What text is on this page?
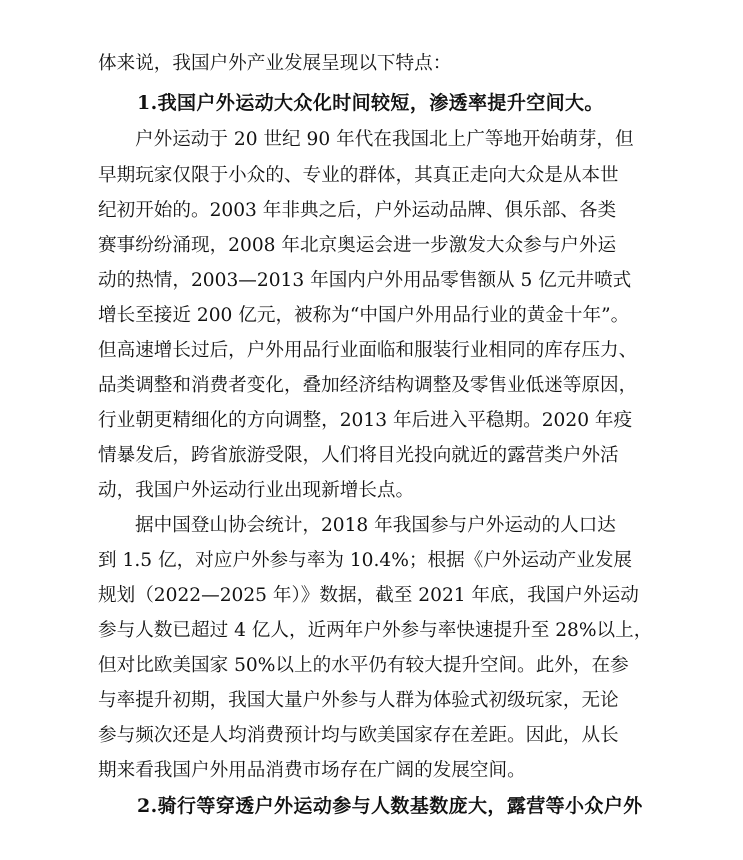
体来说，我国户外产业发展呈现以下特点：
1.我国户外运动大众化时间较短，渗透率提升空间大。
户外运动于 20 世纪 90 年代在我国北上广等地开始萌芽，但
早期玩家仅限于小众的、专业的群体，其真正走向大众是从本世
纪初开始的。2003 年非典之后，户外运动品牌、俱乐部、各类
赛事纷纷涌现，2008 年北京奥运会进一步激发大众参与户外运
动的热情，2003—2013 年国内户外用品零售额从 5 亿元井喷式
增长至接近 200 亿元，被称为“中国户外用品行业的黄金十年”。
但高速增长过后，户外用品行业面临和服装行业相同的库存压力、
品类调整和消费者变化，叠加经济结构调整及零售业低迷等原因，
行业朝更精细化的方向调整，2013 年后进入平稳期。2020 年疫
情暴发后，跨省旅游受限，人们将目光投向就近的露营类户外活
动，我国户外运动行业出现新增长点。
据中国登山协会统计，2018 年我国参与户外运动的人口达
到 1.5 亿，对应户外参与率为 10.4%；根据《户外运动产业发展
规划（2022—2025 年）》数据，截至 2021 年底，我国户外运动
参与人数已超过 4 亿人，近两年户外参与率快速提升至 28%以上，
但对比欧美国家 50%以上的水平仍有较大提升空间。此外，在参
与率提升初期，我国大量户外参与人群为体验式初级玩家，无论
参与频次还是人均消费预计均与欧美国家存在差距。因此，从长
期来看我国户外用品消费市场存在广阔的发展空间。
2.骑行等穿透户外运动参与人数基数庞大，露营等小众户外
